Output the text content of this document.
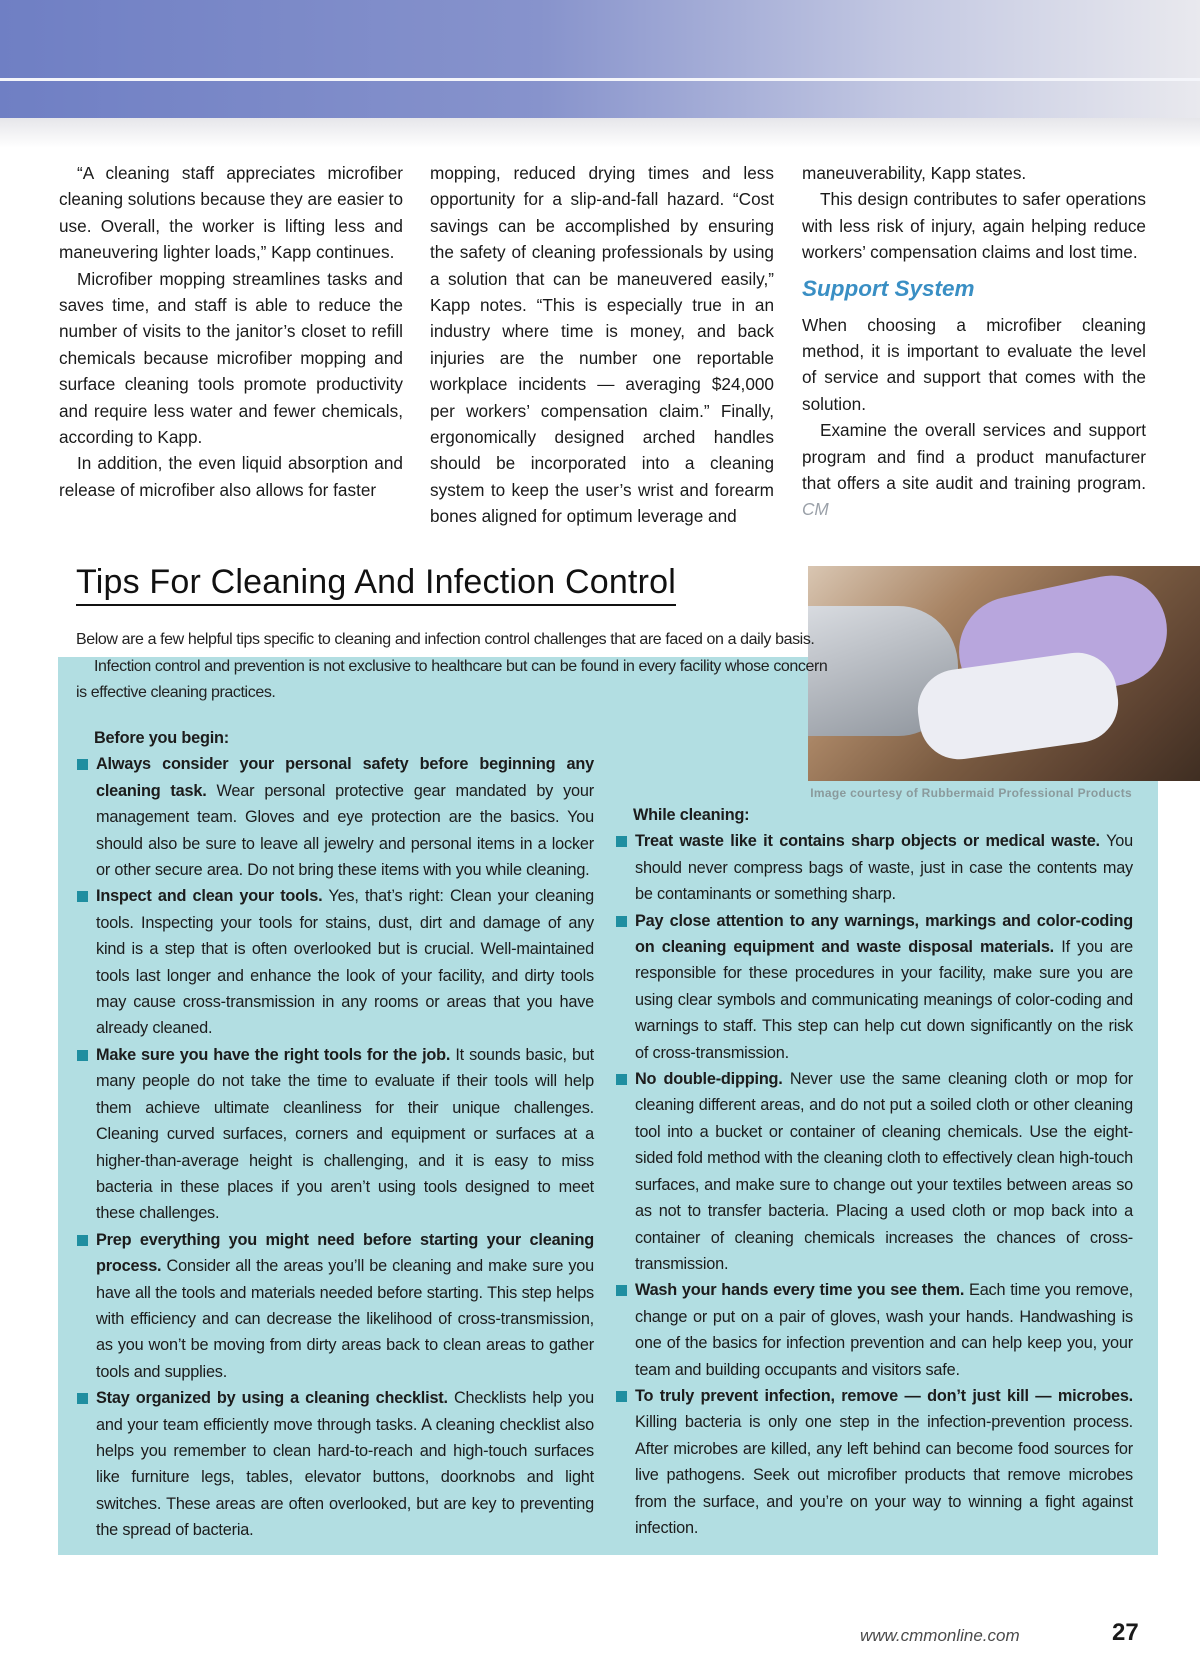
“A cleaning staff appreciates microfiber cleaning solutions because they are easier to use. Overall, the worker is lifting less and maneuvering lighter loads,” Kapp continues.

Microfiber mopping streamlines tasks and saves time, and staff is able to reduce the number of visits to the janitor’s closet to refill chemicals because microfiber mopping and surface cleaning tools promote productivity and require less water and fewer chemicals, according to Kapp.

In addition, the even liquid absorption and release of microfiber also allows for faster

mopping, reduced drying times and less opportunity for a slip-and-fall hazard. “Cost savings can be accomplished by ensuring the safety of cleaning professionals by using a solution that can be maneuvered easily,” Kapp notes. “This is especially true in an industry where time is money, and back injuries are the number one reportable workplace incidents — averaging $24,000 per workers’ compensation claim.” Finally, ergonomically designed arched handles should be incorporated into a cleaning system to keep the user’s wrist and forearm bones aligned for optimum leverage and

maneuverability, Kapp states.

This design contributes to safer operations with less risk of injury, again helping reduce workers’ compensation claims and lost time.

Support System

When choosing a microfiber cleaning method, it is important to evaluate the level of service and support that comes with the solution.

Examine the overall services and support program and find a product manufacturer that offers a site audit and training program. CM

Tips For Cleaning And Infection Control
Below are a few helpful tips specific to cleaning and infection control challenges that are faced on a daily basis.
Infection control and prevention is not exclusive to healthcare but can be found in every facility whose concern is effective cleaning practices.
Image courtesy of Rubbermaid Professional Products

Before you begin:

Always consider your personal safety before beginning any cleaning task. Wear personal protective gear mandated by your management team. Gloves and eye protection are the basics. You should also be sure to leave all jewelry and personal items in a locker or other secure area. Do not bring these items with you while cleaning.

Inspect and clean your tools. Yes, that’s right: Clean your cleaning tools. Inspecting your tools for stains, dust, dirt and damage of any kind is a step that is often overlooked but is crucial. Well-maintained tools last longer and enhance the look of your facility, and dirty tools may cause cross-transmission in any rooms or areas that you have already cleaned.

Make sure you have the right tools for the job. It sounds basic, but many people do not take the time to evaluate if their tools will help them achieve ultimate cleanliness for their unique challenges. Cleaning curved surfaces, corners and equipment or surfaces at a higher-than-average height is challenging, and it is easy to miss bacteria in these places if you aren’t using tools designed to meet these challenges.

Prep everything you might need before starting your cleaning process. Consider all the areas you’ll be cleaning and make sure you have all the tools and materials needed before starting. This step helps with efficiency and can decrease the likelihood of cross-transmission, as you won’t be moving from dirty areas back to clean areas to gather tools and supplies.

Stay organized by using a cleaning checklist. Checklists help you and your team efficiently move through tasks. A cleaning checklist also helps you remember to clean hard-to-reach and high-touch surfaces like furniture legs, tables, elevator buttons, doorknobs and light switches. These areas are often overlooked, but are key to preventing the spread of bacteria.

While cleaning:

Treat waste like it contains sharp objects or medical waste. You should never compress bags of waste, just in case the contents may be contaminants or something sharp.

Pay close attention to any warnings, markings and color-coding on cleaning equipment and waste disposal materials. If you are responsible for these procedures in your facility, make sure you are using clear symbols and communicating meanings of color-coding and warnings to staff. This step can help cut down significantly on the risk of cross-transmission.

No double-dipping. Never use the same cleaning cloth or mop for cleaning different areas, and do not put a soiled cloth or other cleaning tool into a bucket or container of cleaning chemicals. Use the eight-sided fold method with the cleaning cloth to effectively clean high-touch surfaces, and make sure to change out your textiles between areas so as not to transfer bacteria. Placing a used cloth or mop back into a container of cleaning chemicals increases the chances of cross-transmission.

Wash your hands every time you see them. Each time you remove, change or put on a pair of gloves, wash your hands. Handwashing is one of the basics for infection prevention and can help keep you, your team and building occupants and visitors safe.

To truly prevent infection, remove — don’t just kill — microbes. Killing bacteria is only one step in the infection-prevention process. After microbes are killed, any left behind can become food sources for live pathogens. Seek out microfiber products that remove microbes from the surface, and you’re on your way to winning a fight against infection.

www.cmmonline.com	27
